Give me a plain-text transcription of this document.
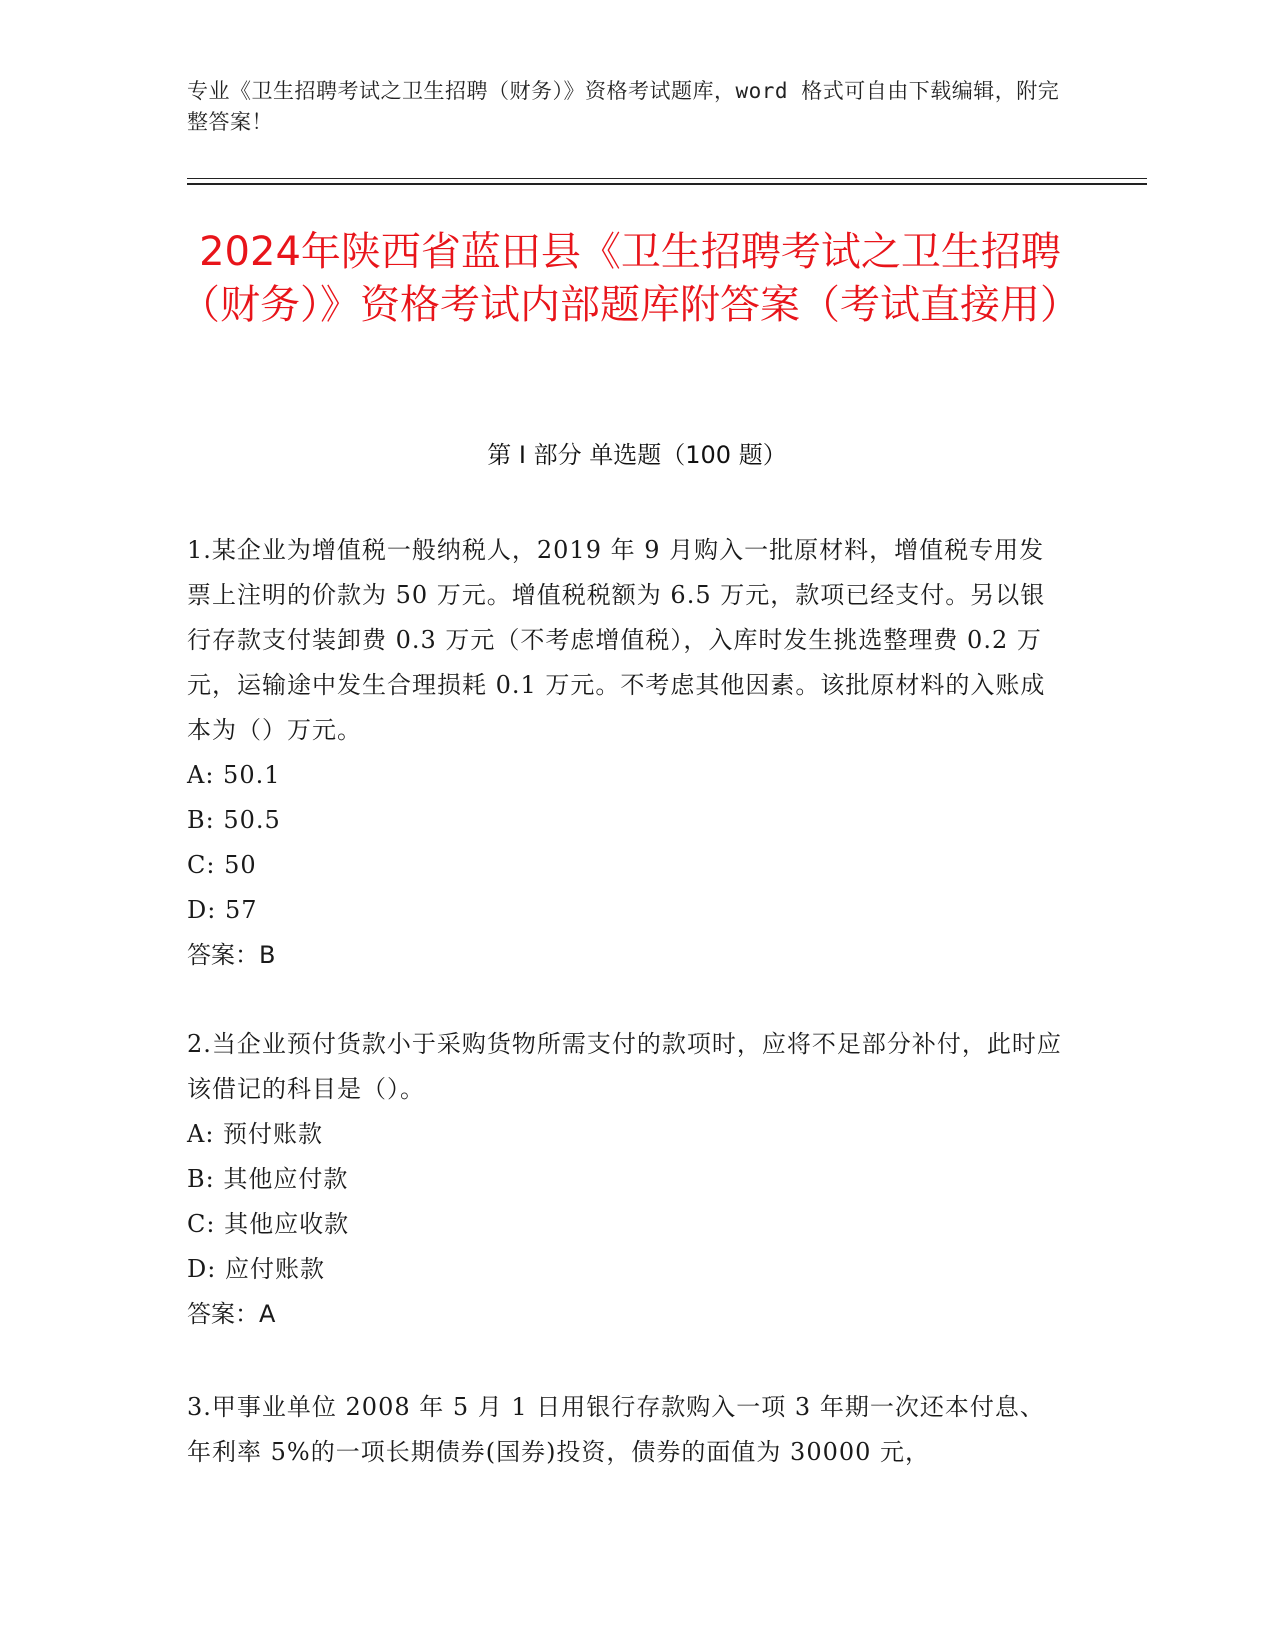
专业《卫生招聘考试之卫生招聘（财务）》资格考试题库，word 格式可自由下载编辑，附完整答案！
2024年陕西省蓝田县《卫生招聘考试之卫生招聘（财务）》资格考试内部题库附答案（考试直接用）
第 I 部分 单选题（100 题）

1.某企业为增值税一般纳税人，2019 年 9 月购入一批原材料，增值税专用发票上注明的价款为 50 万元。增值税税额为 6.5 万元，款项已经支付。另以银行存款支付装卸费 0.3 万元（不考虑增值税），入库时发生挑选整理费 0.2 万元，运输途中发生合理损耗 0.1 万元。不考虑其他因素。该批原材料的入账成本为（）万元。

A: 50.1

B: 50.5

C: 50

D: 57

答案：B

2.当企业预付货款小于采购货物所需支付的款项时，应将不足部分补付，此时应该借记的科目是（）。

A: 预付账款

B: 其他应付款

C: 其他应收款

D: 应付账款

答案：A

3.甲事业单位 2008 年 5 月 1 日用银行存款购入一项 3 年期一次还本付息、年利率 5%的一项长期债券(国券)投资，债券的面值为 30000 元，
